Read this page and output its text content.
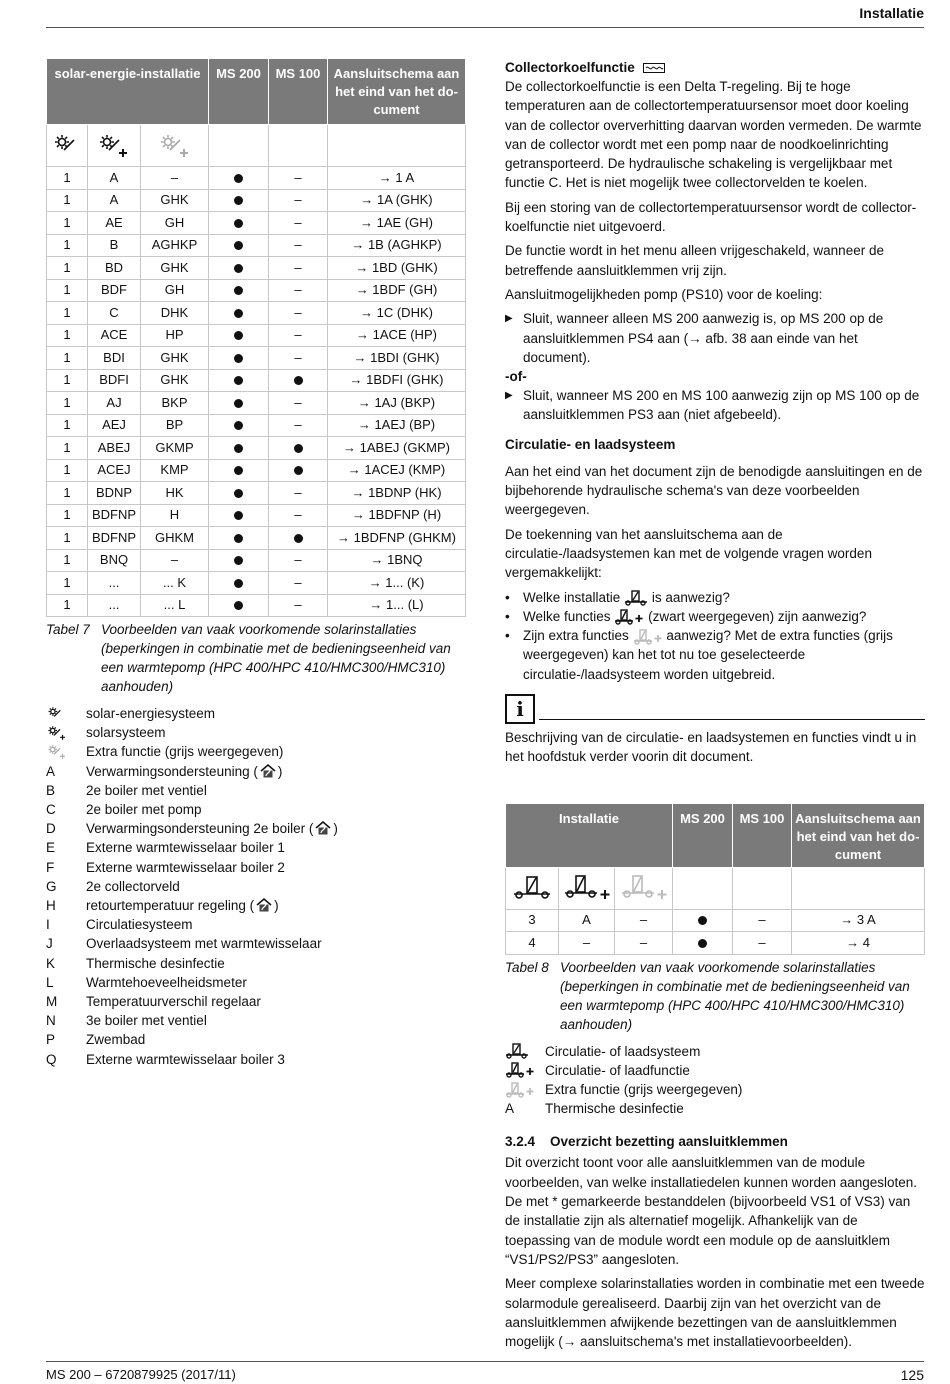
Installatie
solar-energie-installatie			MS 200	MS 100	Aansluitschema aan het eind van het document

1	A	–		–	→ 1 A
1	A	GHK		–	→ 1A (GHK)
1	AE	GH		–	→ 1AE (GH)
1	B	AGHKP		–	→ 1B (AGHKP)
1	BD	GHK		–	→ 1BD (GHK)
1	BDF	GH		–	→ 1BDF (GH)
1	C	DHK		–	→ 1C (DHK)
1	ACE	HP		–	→ 1ACE (HP)
1	BDI	GHK		–	→ 1BDI (GHK)
1	BDFI	GHK			→ 1BDFI (GHK)
1	AJ	BKP		–	→ 1AJ (BKP)
1	AEJ	BP		–	→ 1AEJ (BP)
1	ABEJ	GKMP			→ 1ABEJ (GKMP)
1	ACEJ	KMP			→ 1ACEJ (KMP)
1	BDNP	HK		–	→ 1BDNP (HK)
1	BDFNP	H		–	→ 1BDFNP (H)
1	BDFNP	GHKM			→ 1BDFNP (GHKM)
1	BNQ	–		–	→ 1BNQ
1	...	... K		–	→ 1... (K)
1	...	... L		–	→ 1... (L)
Tabel 7 Voorbeelden van vaak voorkomende solarinstallaties (beperkingen in combinatie met de bedieningseenheid van een warmtepomp (HPC 400/HPC 410/HMC300/HMC310) aanhouden)
solar-energiesysteem
solarsysteem
Extra functie (grijs weergegeven)
A	Verwarmingsondersteuning ( )
B	2e boiler met ventiel
C	2e boiler met pomp
D	Verwarmingsondersteuning 2e boiler ( )
E	Externe warmtewisselaar boiler 1
F	Externe warmtewisselaar boiler 2
G	2e collectorveld
H	retourtemperatuur regeling ( )
I	Circulatiesysteem
J	Overlaadsysteem met warmtewisselaar
K	Thermische desinfectie
L	Warmtehoeveelheidsmeter
M	Temperatuurverschil regelaar
N	3e boiler met ventiel
P	Zwembad
Q	Externe warmtewisselaar boiler 3
Collectorkoelfunctie

De collectorkoelfunctie is een Delta T-regeling. Bij te hoge temperaturen aan de collectortemperatuursensor moet door koeling van de collector oververhitting daarvan worden vermeden. De warmte van de collector wordt met een pomp naar de noodkoelinrichting getransporteerd. De hydraulische schakeling is vergelijkbaar met functie C. Het is niet mogelijk twee collectorvelden te koelen.

Bij een storing van de collectortemperatuursensor wordt de collectorkoelfunctie niet uitgevoerd.

De functie wordt in het menu alleen vrijgeschakeld, wanneer de betreffende aansluitklemmen vrij zijn.

Aansluitmogelijkheden pomp (PS10) voor de koeling:

▶ Sluit, wanneer alleen MS 200 aanwezig is, op MS 200 op de aansluitklemmen PS4 aan (→ afb. 38 aan einde van het document).
-of-
▶ Sluit, wanneer MS 200 en MS 100 aanwezig zijn op MS 100 op de aansluitklemmen PS3 aan (niet afgebeeld).
Circulatie- en laadsysteem

Aan het eind van het document zijn de benodigde aansluitingen en de bijbehorende hydraulische schema's van deze voorbeelden weergegeven.

De toekenning van het aansluitschema aan de circulatie-/laadsystemen kan met de volgende vragen worden vergemakkelijkt:

• Welke installatie is aanwezig?
• Welke functies	(zwart weergegeven) zijn aanwezig?
• Zijn extra functies	aanwezig? Met de extra functies (grijs weergegeven) kan het tot nu toe geselecteerde circulatie-/laadsysteem worden uitgebreid.
i

Beschrijving van de circulatie- en laadsystemen en functies vindt u in het hoofdstuk verder voorin dit document.

Installatie			MS 200	MS 100	Aansluitschema aan het eind van het document

3	A	–		–	→ 3 A
4	–	–		–	→ 4
Tabel 8 Voorbeelden van vaak voorkomende solarinstallaties (beperkingen in combinatie met de bedieningseenheid van een warmtepomp (HPC 400/HPC 410/HMC300/HMC310) aanhouden)
Circulatie- of laadsysteem
Circulatie- of laadfunctie
Extra functie (grijs weergegeven)
A	Thermische desinfectie
3.2.4 Overzicht bezetting aansluitklemmen

Dit overzicht toont voor alle aansluitklemmen van de module voorbeelden, van welke installatiedelen kunnen worden aangesloten. De met * gemarkeerde bestanddelen (bijvoorbeeld VS1 of VS3) van de installatie zijn als alternatief mogelijk. Afhankelijk van de toepassing van de module wordt een module op de aansluitklem “VS1/PS2/PS3” aangesloten.

Meer complexe solarinstallaties worden in combinatie met een tweede solarmodule gerealiseerd. Daarbij zijn van het overzicht van de aansluitklemmen afwijkende bezettingen van de aansluitklemmen mogelijk (→ aansluitschema's met installatievoorbeelden).

MS 200 – 6720879925 (2017/11)	125
